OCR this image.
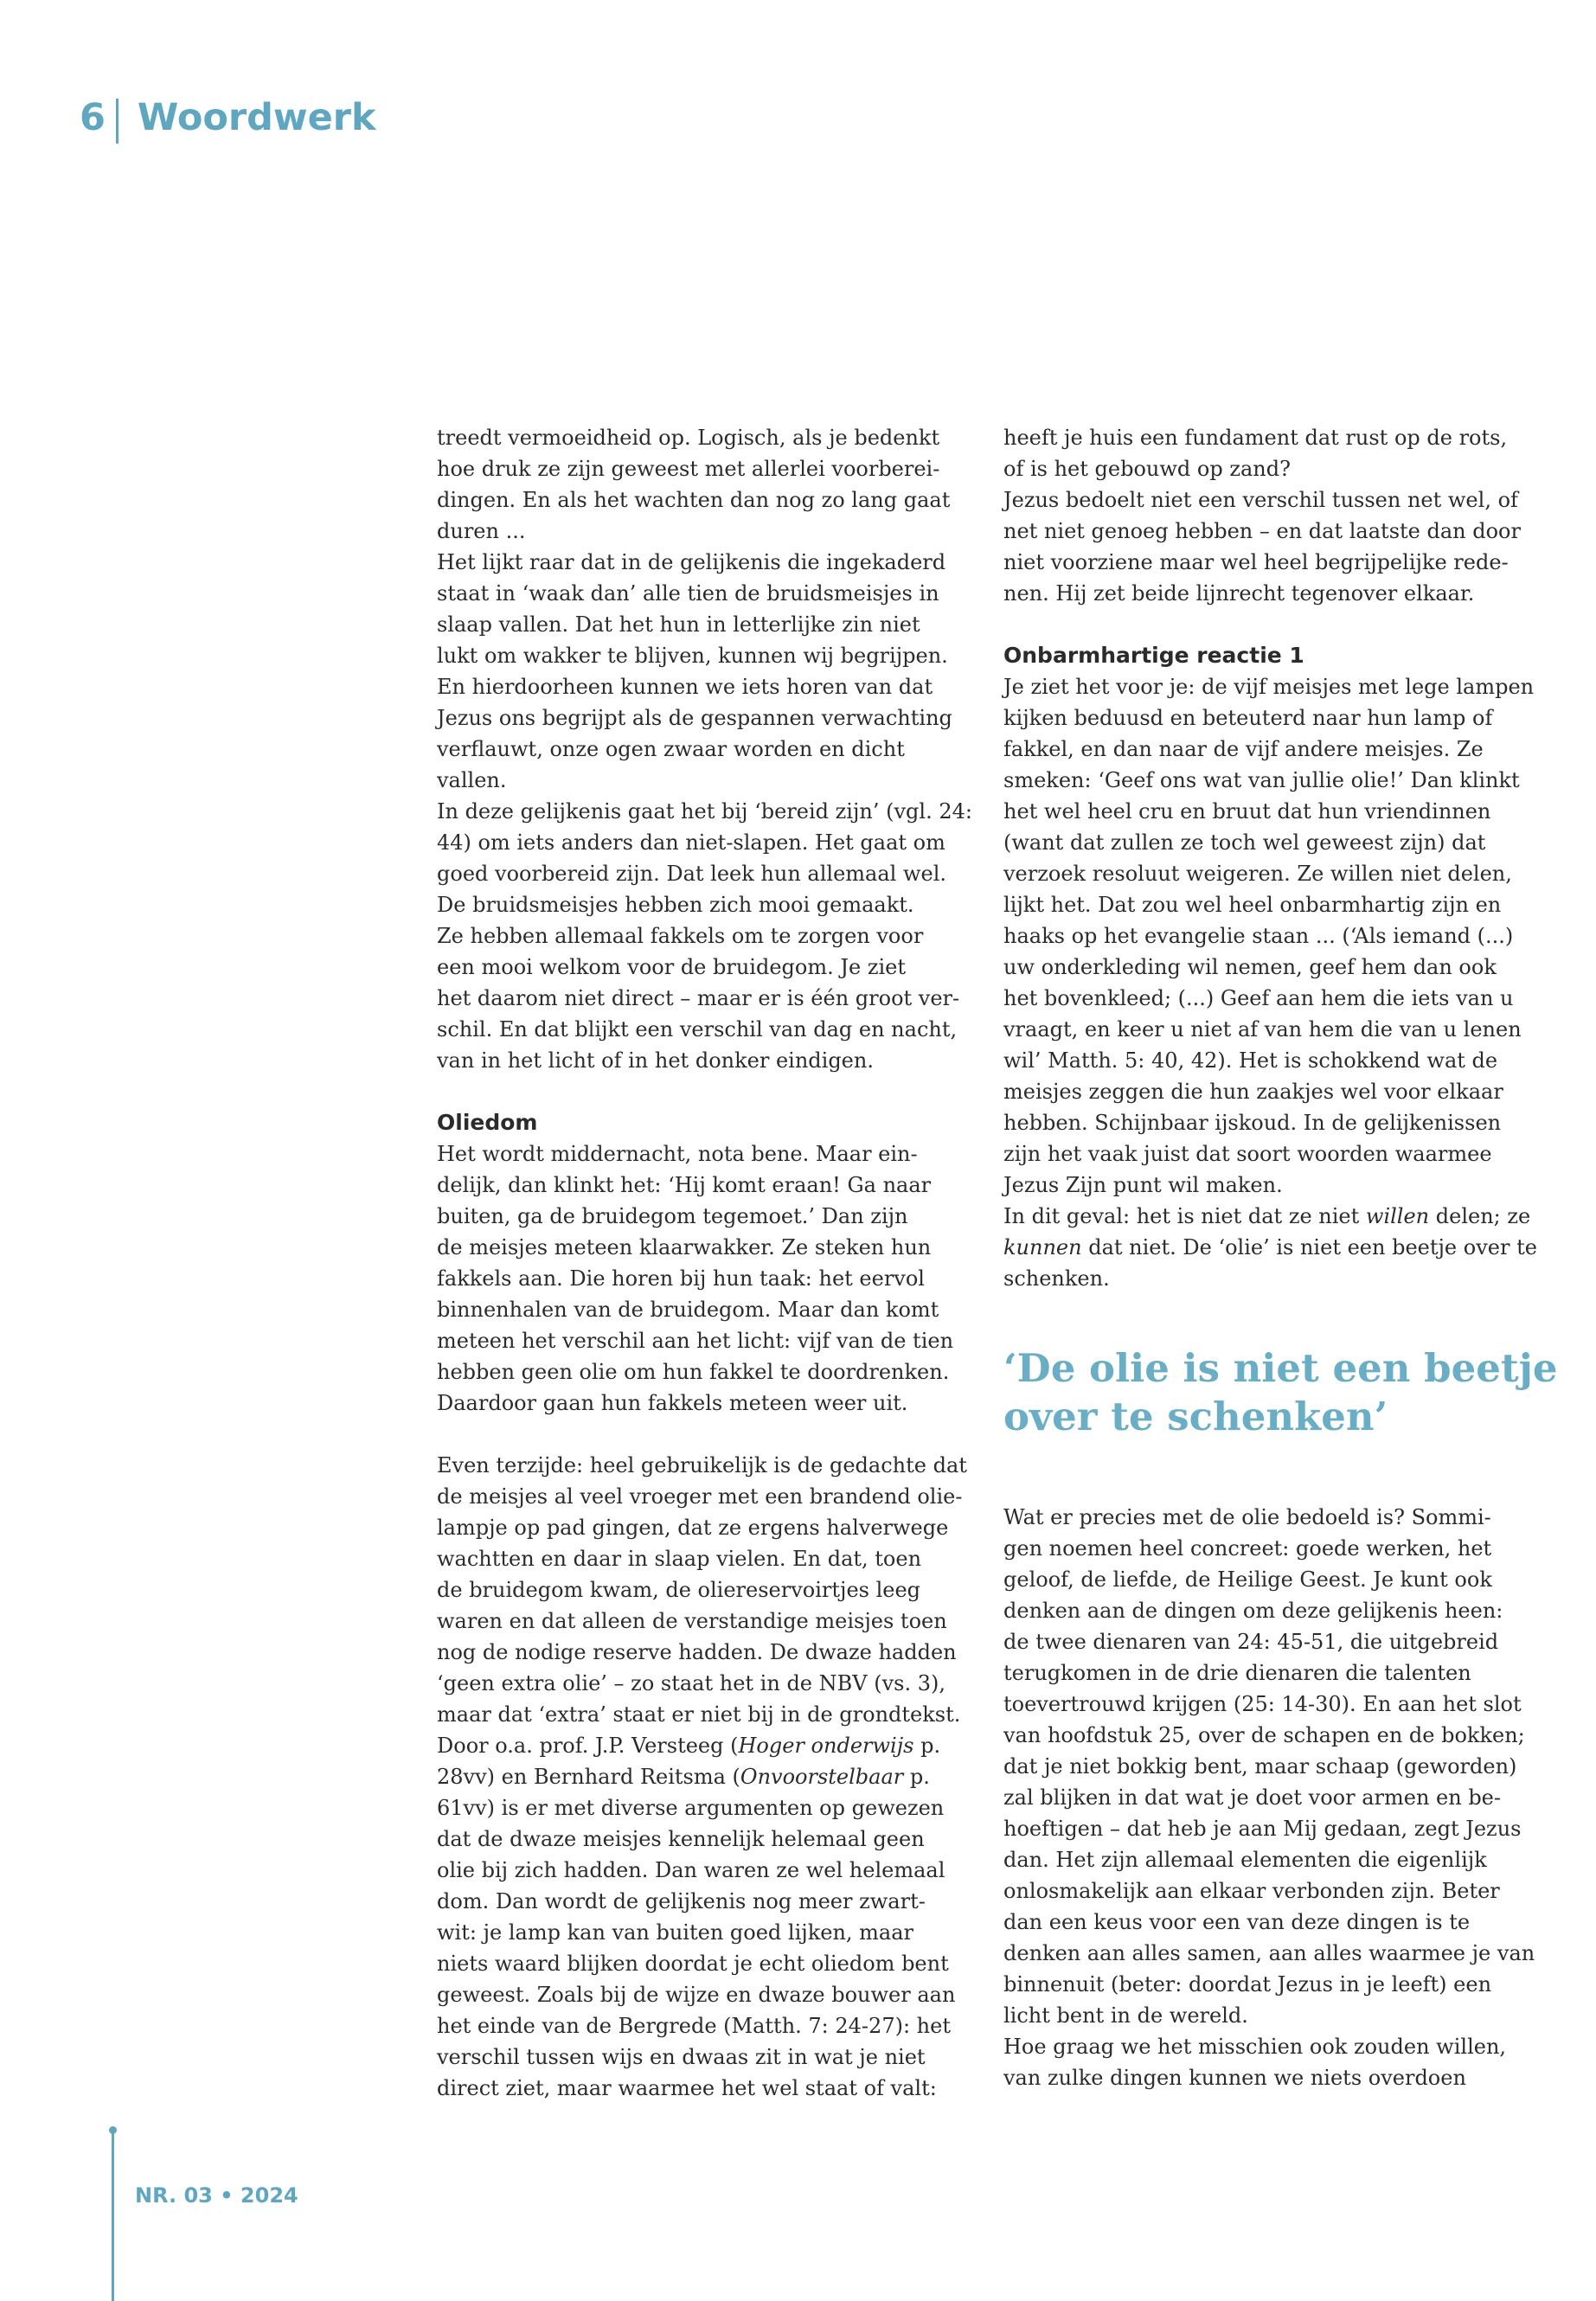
6 Woordwerk
treedt vermoeidheid op. Logisch, als je bedenkt
hoe druk ze zijn geweest met allerlei voorberei-
dingen. En als het wachten dan nog zo lang gaat
duren ...
Het lijkt raar dat in de gelijkenis die ingekaderd
staat in ‘waak dan’ alle tien de bruidsmeisjes in
slaap vallen. Dat het hun in letterlijke zin niet
lukt om wakker te blijven, kunnen wij begrijpen.
En hierdoorheen kunnen we iets horen van dat
Jezus ons begrijpt als de gespannen verwachting
verflauwt, onze ogen zwaar worden en dicht
vallen.
In deze gelijkenis gaat het bij ‘bereid zijn’ (vgl. 24:
44) om iets anders dan niet-slapen. Het gaat om
goed voorbereid zijn. Dat leek hun allemaal wel.
De bruidsmeisjes hebben zich mooi gemaakt.
Ze hebben allemaal fakkels om te zorgen voor
een mooi welkom voor de bruidegom. Je ziet
het daarom niet direct – maar er is één groot ver-
schil. En dat blijkt een verschil van dag en nacht,
van in het licht of in het donker eindigen.
Oliedom
Het wordt middernacht, nota bene. Maar ein-
delijk, dan klinkt het: ‘Hij komt eraan! Ga naar
buiten, ga de bruidegom tegemoet.’ Dan zijn
de meisjes meteen klaarwakker. Ze steken hun
fakkels aan. Die horen bij hun taak: het eervol
binnenhalen van de bruidegom. Maar dan komt
meteen het verschil aan het licht: vijf van de tien
hebben geen olie om hun fakkel te doordrenken.
Daardoor gaan hun fakkels meteen weer uit.
Even terzijde: heel gebruikelijk is de gedachte dat
de meisjes al veel vroeger met een brandend olie-
lampje op pad gingen, dat ze ergens halverwege
wachtten en daar in slaap vielen. En dat, toen
de bruidegom kwam, de oliereservoirtjes leeg
waren en dat alleen de verstandige meisjes toen
nog de nodige reserve hadden. De dwaze hadden
‘geen extra olie’ – zo staat het in de NBV (vs. 3),
maar dat ‘extra’ staat er niet bij in de grondtekst.
Door o.a. prof. J.P. Versteeg (Hoger onderwijs p.
28vv) en Bernhard Reitsma (Onvoorstelbaar p.
61vv) is er met diverse argumenten op gewezen
dat de dwaze meisjes kennelijk helemaal geen
olie bij zich hadden. Dan waren ze wel helemaal
dom. Dan wordt de gelijkenis nog meer zwart-
wit: je lamp kan van buiten goed lijken, maar
niets waard blijken doordat je echt oliedom bent
geweest. Zoals bij de wijze en dwaze bouwer aan
het einde van de Bergrede (Matth. 7: 24-27): het
verschil tussen wijs en dwaas zit in wat je niet
direct ziet, maar waarmee het wel staat of valt:
heeft je huis een fundament dat rust op de rots,
of is het gebouwd op zand?
Jezus bedoelt niet een verschil tussen net wel, of
net niet genoeg hebben – en dat laatste dan door
niet voorziene maar wel heel begrijpelijke rede-
nen. Hij zet beide lijnrecht tegenover elkaar.
Onbarmhartige reactie 1
Je ziet het voor je: de vijf meisjes met lege lampen
kijken beduusd en beteuterd naar hun lamp of
fakkel, en dan naar de vijf andere meisjes. Ze
smeken: ‘Geef ons wat van jullie olie!’ Dan klinkt
het wel heel cru en bruut dat hun vriendinnen
(want dat zullen ze toch wel geweest zijn) dat
verzoek resoluut weigeren. Ze willen niet delen,
lijkt het. Dat zou wel heel onbarmhartig zijn en
haaks op het evangelie staan ... (‘Als iemand (...)
uw onderkleding wil nemen, geef hem dan ook
het bovenkleed; (...) Geef aan hem die iets van u
vraagt, en keer u niet af van hem die van u lenen
wil’ Matth. 5: 40, 42). Het is schokkend wat de
meisjes zeggen die hun zaakjes wel voor elkaar
hebben. Schijnbaar ijskoud. In de gelijkenissen
zijn het vaak juist dat soort woorden waarmee
Jezus Zijn punt wil maken.
In dit geval: het is niet dat ze niet willen delen; ze
kunnen dat niet. De ‘olie’ is niet een beetje over te
schenken.
‘De olie is niet een beetje
over te schenken’
Wat er precies met de olie bedoeld is? Sommi-
gen noemen heel concreet: goede werken, het
geloof, de liefde, de Heilige Geest. Je kunt ook
denken aan de dingen om deze gelijkenis heen:
de twee dienaren van 24: 45-51, die uitgebreid
terugkomen in de drie dienaren die talenten
toevertrouwd krijgen (25: 14-30). En aan het slot
van hoofdstuk 25, over de schapen en de bokken;
dat je niet bokkig bent, maar schaap (geworden)
zal blijken in dat wat je doet voor armen en be-
hoeftigen – dat heb je aan Mij gedaan, zegt Jezus
dan. Het zijn allemaal elementen die eigenlijk
onlosmakelijk aan elkaar verbonden zijn. Beter
dan een keus voor een van deze dingen is te
denken aan alles samen, aan alles waarmee je van
binnenuit (beter: doordat Jezus in je leeft) een
licht bent in de wereld.
Hoe graag we het misschien ook zouden willen,
van zulke dingen kunnen we niets overdoen
NR. 03 • 2024
